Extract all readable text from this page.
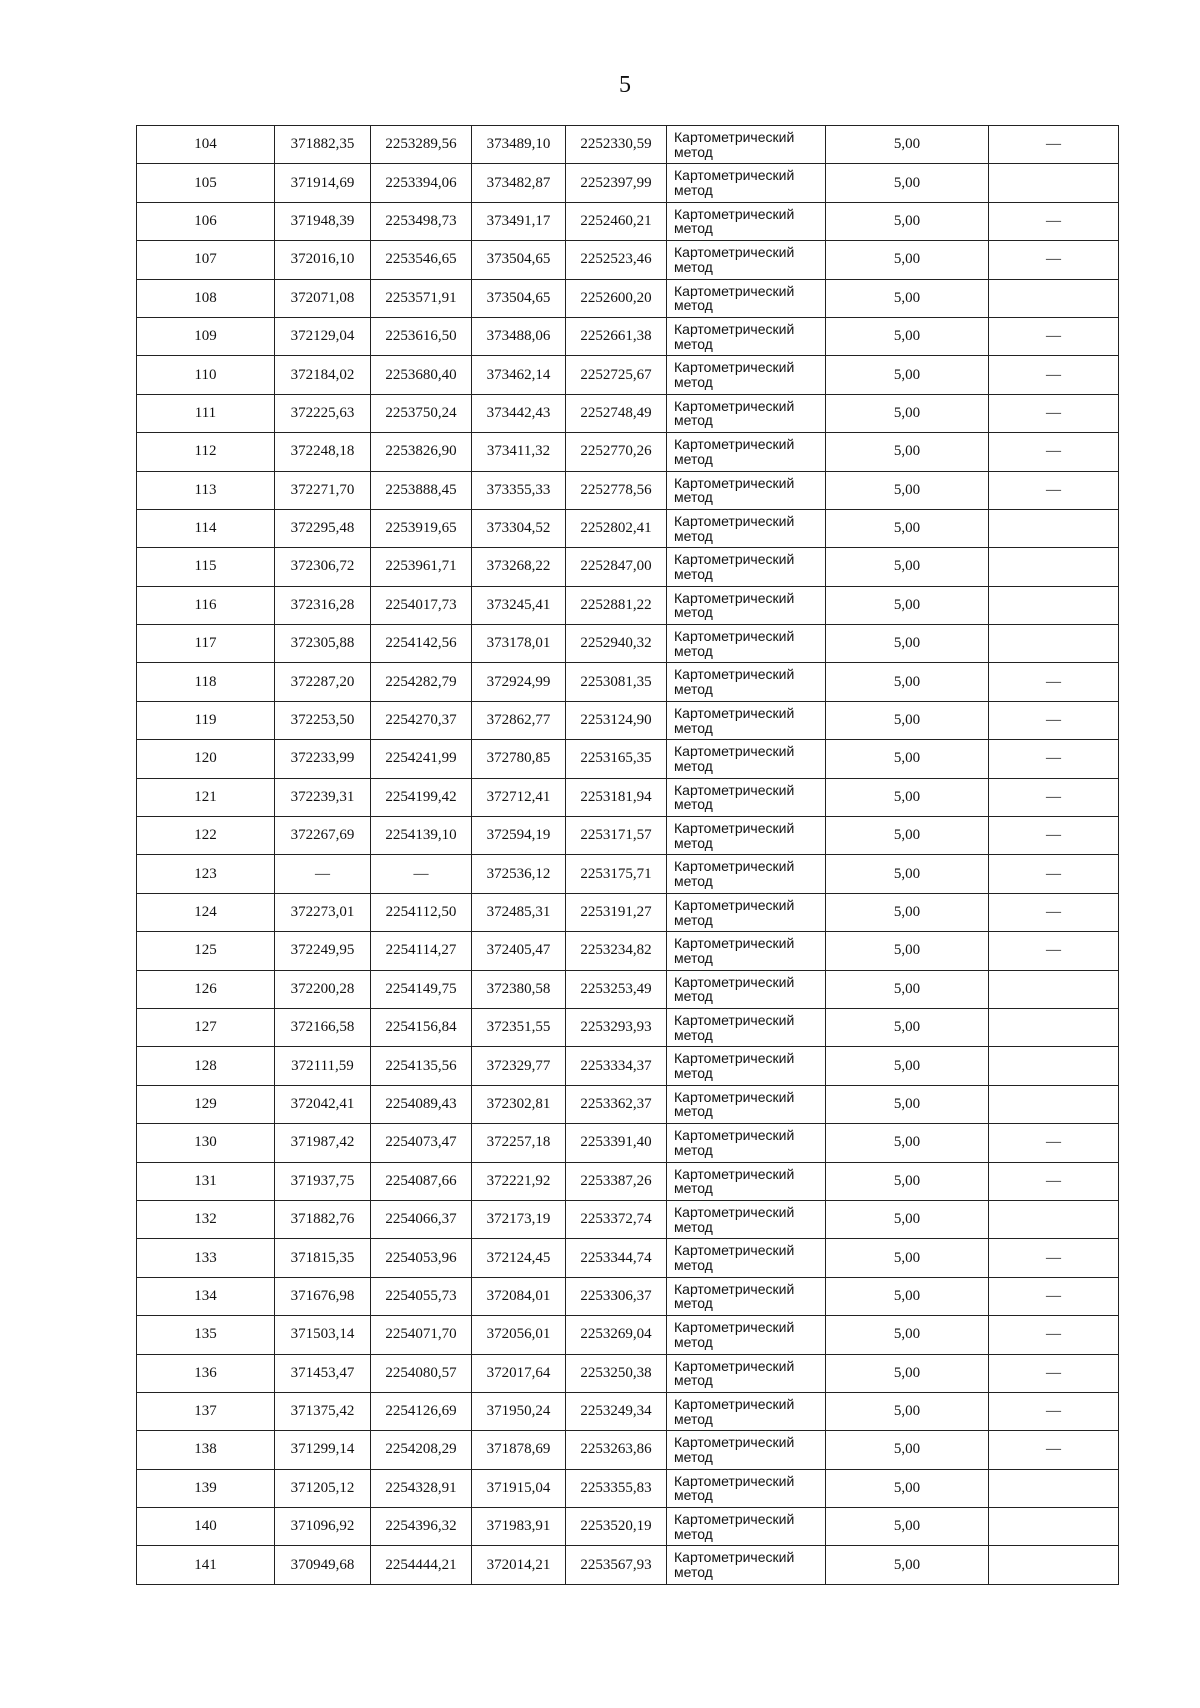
5
104	371882,35	2253289,56	373489,10	2252330,59	Картометрический
метод	5,00	—
105	371914,69	2253394,06	373482,87	2252397,99	Картометрический
метод	5,00	
106	371948,39	2253498,73	373491,17	2252460,21	Картометрический
метод	5,00	—
107	372016,10	2253546,65	373504,65	2252523,46	Картометрический
метод	5,00	—
108	372071,08	2253571,91	373504,65	2252600,20	Картометрический
метод	5,00	
109	372129,04	2253616,50	373488,06	2252661,38	Картометрический
метод	5,00	—
110	372184,02	2253680,40	373462,14	2252725,67	Картометрический
метод	5,00	—
111	372225,63	2253750,24	373442,43	2252748,49	Картометрический
метод	5,00	—
112	372248,18	2253826,90	373411,32	2252770,26	Картометрический
метод	5,00	—
113	372271,70	2253888,45	373355,33	2252778,56	Картометрический
метод	5,00	—
114	372295,48	2253919,65	373304,52	2252802,41	Картометрический
метод	5,00	
115	372306,72	2253961,71	373268,22	2252847,00	Картометрический
метод	5,00	
116	372316,28	2254017,73	373245,41	2252881,22	Картометрический
метод	5,00	
117	372305,88	2254142,56	373178,01	2252940,32	Картометрический
метод	5,00	
118	372287,20	2254282,79	372924,99	2253081,35	Картометрический
метод	5,00	—
119	372253,50	2254270,37	372862,77	2253124,90	Картометрический
метод	5,00	—
120	372233,99	2254241,99	372780,85	2253165,35	Картометрический
метод	5,00	—
121	372239,31	2254199,42	372712,41	2253181,94	Картометрический
метод	5,00	—
122	372267,69	2254139,10	372594,19	2253171,57	Картометрический
метод	5,00	—
123	—	—	372536,12	2253175,71	Картометрический
метод	5,00	—
124	372273,01	2254112,50	372485,31	2253191,27	Картометрический
метод	5,00	—
125	372249,95	2254114,27	372405,47	2253234,82	Картометрический
метод	5,00	—
126	372200,28	2254149,75	372380,58	2253253,49	Картометрический
метод	5,00	
127	372166,58	2254156,84	372351,55	2253293,93	Картометрический
метод	5,00	
128	372111,59	2254135,56	372329,77	2253334,37	Картометрический
метод	5,00	
129	372042,41	2254089,43	372302,81	2253362,37	Картометрический
метод	5,00	
130	371987,42	2254073,47	372257,18	2253391,40	Картометрический
метод	5,00	—
131	371937,75	2254087,66	372221,92	2253387,26	Картометрический
метод	5,00	—
132	371882,76	2254066,37	372173,19	2253372,74	Картометрический
метод	5,00	
133	371815,35	2254053,96	372124,45	2253344,74	Картометрический
метод	5,00	—
134	371676,98	2254055,73	372084,01	2253306,37	Картометрический
метод	5,00	—
135	371503,14	2254071,70	372056,01	2253269,04	Картометрический
метод	5,00	—
136	371453,47	2254080,57	372017,64	2253250,38	Картометрический
метод	5,00	—
137	371375,42	2254126,69	371950,24	2253249,34	Картометрический
метод	5,00	—
138	371299,14	2254208,29	371878,69	2253263,86	Картометрический
метод	5,00	—
139	371205,12	2254328,91	371915,04	2253355,83	Картометрический
метод	5,00	
140	371096,92	2254396,32	371983,91	2253520,19	Картометрический
метод	5,00	
141	370949,68	2254444,21	372014,21	2253567,93	Картометрический
метод	5,00	
